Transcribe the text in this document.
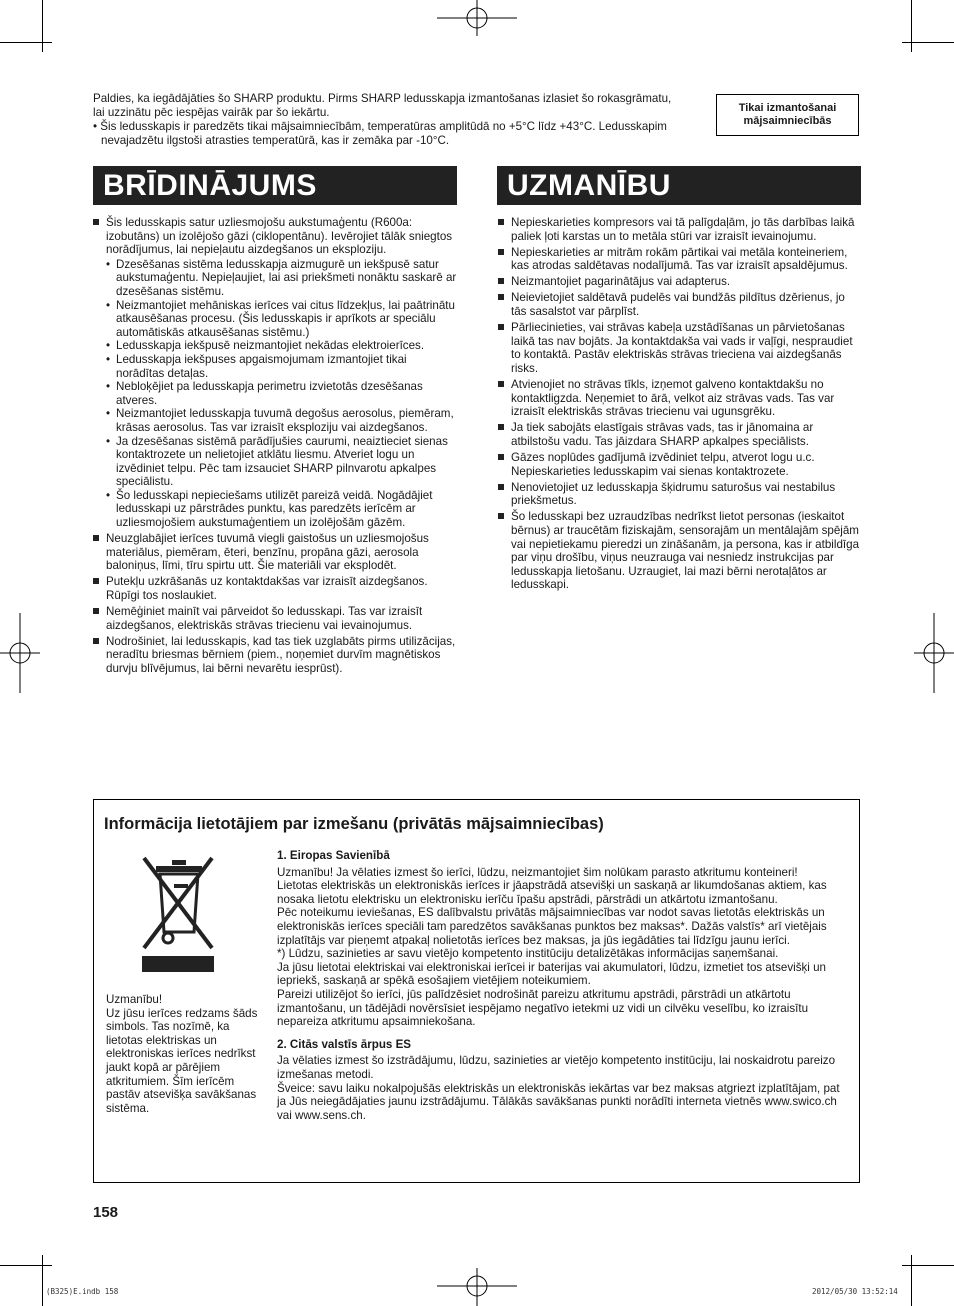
Paldies, ka iegādājāties šo SHARP produktu. Pirms SHARP ledusskapja izmantošanas izlasiet šo rokasgrāmatu, lai uzzinātu pēc iespējas vairāk par šo iekārtu.

• Šis ledusskapis ir paredzēts tikai mājsaimniecībām, temperatūras amplitūdā no +5°C līdz +43°C. Ledusskapim nevajadzētu ilgstoši atrasties temperatūrā, kas ir zemāka par -10°C.

Tikai izmantošanai
mājsaimniecībās
BRĪDINĀJUMS	UZMANĪBU
Šis ledusskapis satur uzliesmojošu aukstumaģentu (R600a: izobutāns) un izolējošo gāzi (ciklopentānu). Ievērojiet tālāk sniegtos norādījumus, lai nepieļautu aizdegšanos un eksploziju.
• Dzesēšanas sistēma ledusskapja aizmugurē un iekšpusē satur aukstumaģentu. Nepieļaujiet, lai asi priekšmeti nonāktu saskarē ar dzesēšanas sistēmu.
• Neizmantojiet mehāniskas ierīces vai citus līdzekļus, lai paātrinātu atkausēšanas procesu. (Šis ledusskapis ir aprīkots ar speciālu automātiskās atkausēšanas sistēmu.)
• Ledusskapja iekšpusē neizmantojiet nekādas elektroierīces.
• Ledusskapja iekšpuses apgaismojumam izmantojiet tikai norādītas detaļas.
• Nebloķējiet pa ledusskapja perimetru izvietotās dzesēšanas atveres.
• Neizmantojiet ledusskapja tuvumā degošus aerosolus, piemēram, krāsas aerosolus. Tas var izraisīt eksploziju vai aizdegšanos.
• Ja dzesēšanas sistēmā parādījušies caurumi, neaiztieciet sienas kontaktrozete un nelietojiet atklātu liesmu. Atveriet logu un izvēdiniet telpu. Pēc tam izsauciet SHARP pilnvarotu apkalpes speciālistu.
• Šo ledusskapi nepieciešams utilizēt pareizā veidā. Nogādājiet ledusskapi uz pārstrādes punktu, kas paredzēts ierīcēm ar uzliesmojošiem aukstumaģentiem un izolējošām gāzēm.
Neuzglabājiet ierīces tuvumā viegli gaistošus un uzliesmojošus materiālus, piemēram, ēteri, benzīnu, propāna gāzi, aerosola baloniņus, līmi, tīru spirtu utt. Šie materiāli var eksplodēt.
Putekļu uzkrāšanās uz kontaktdakšas var izraisīt aizdegšanos. Rūpīgi tos noslaukiet.
Nemēģiniet mainīt vai pārveidot šo ledusskapi. Tas var izraisīt aizdegšanos, elektriskās strāvas triecienu vai ievainojumus.
Nodrošiniet, lai ledusskapis, kad tas tiek uzglabāts pirms utilizācijas, neradītu briesmas bērniem (piem., noņemiet durvīm magnētiskos durvju blīvējumus, lai bērni nevarētu iesprūst).
Nepieskarieties kompresors vai tā palīgdaļām, jo tās darbības laikā paliek ļoti karstas un to metāla stūri var izraisīt ievainojumu.
Nepieskarieties ar mitrām rokām pārtikai vai metāla konteineriem, kas atrodas saldētavas nodalījumā. Tas var izraisīt apsaldējumus.
Neizmantojiet pagarinātājus vai adapterus.
Neievietojiet saldētavā pudelēs vai bundžās pildītus dzērienus, jo tās sasalstot var pārplīst.
Pārliecinieties, vai strāvas kabeļa uzstādīšanas un pārvietošanas laikā tas nav bojāts. Ja kontaktdakša vai vads ir vaļīgi, nespraudiet to kontaktā. Pastāv elektriskās strāvas trieciena vai aizdegšanās risks.
Atvienojiet no strāvas tīkls, izņemot galveno kontaktdakšu no kontaktligzda. Neņemiet to ārā, velkot aiz strāvas vads. Tas var izraisīt elektriskās strāvas triecienu vai ugunsgrēku.
Ja tiek sabojāts elastīgais strāvas vads, tas ir jānomaina ar atbilstošu vadu. Tas jāizdara SHARP apkalpes speciālists.
Gāzes noplūdes gadījumā izvēdiniet telpu, atverot logu u.c. Nepieskarieties ledusskapim vai sienas kontaktrozete.
Nenovietojiet uz ledusskapja šķidrumu saturošus vai nestabilus priekšmetus.
Šo ledusskapi bez uzraudzības nedrīkst lietot personas (ieskaitot bērnus) ar traucētām fiziskajām, sensorajām un mentālajām spējām vai nepietiekamu pieredzi un zināšanām, ja persona, kas ir atbildīga par viņu drošību, viņus neuzrauga vai nesniedz instrukcijas par ledusskapja lietošanu. Uzraugiet, lai mazi bērni nerotaļātos ar ledusskapi.
Informācija lietotājiem par izmešanu (privātās mājsaimniecības)
Uzmanību!
Uz jūsu ierīces redzams šāds simbols. Tas nozīmē, ka lietotas elektriskas un elektroniskas ierīces nedrīkst jaukt kopā ar pārējiem atkritumiem. Šīm ierīcēm pastāv atsevišķa savākšanas sistēma.
1. Eiropas Savienībā
Uzmanību! Ja vēlaties izmest šo ierīci, lūdzu, neizmantojiet šim nolūkam parasto atkritumu konteineri!
Lietotas elektriskās un elektroniskās ierīces ir jāapstrādā atsevišķi un saskaņā ar likumdošanas aktiem, kas nosaka lietotu elektrisku un elektronisku ierīču īpašu apstrādi, pārstrādi un atkārtotu izmantošanu.
Pēc noteikumu ieviešanas, ES dalībvalstu privātās mājsaimniecības var nodot savas lietotās elektriskās un elektroniskās ierīces speciāli tam paredzētos savākšanas punktos bez maksas*. Dažās valstīs* arī vietējais izplatītājs var pieņemt atpakaļ nolietotās ierīces bez maksas, ja jūs iegādāties tai līdzīgu jaunu ierīci.
*) Lūdzu, sazinieties ar savu vietējo kompetento institūciju detalizētākas informācijas saņemšanai.
Ja jūsu lietotai elektriskai vai elektroniskai ierīcei ir baterijas vai akumulatori, lūdzu, izmetiet tos atsevišķi un iepriekš, saskaņā ar spēkā esošajiem vietējiem noteikumiem.
Pareizi utilizējot šo ierīci, jūs palīdzēsiet nodrošināt pareizu atkritumu apstrādi, pārstrādi un atkārtotu izmantošanu, un tādējādi novērsīsiet iespējamo negatīvo ietekmi uz vidi un cilvēku veselību, ko izraisītu nepareiza atkritumu apsaimniekošana.
2. Citās valstīs ārpus ES
Ja vēlaties izmest šo izstrādājumu, lūdzu, sazinieties ar vietējo kompetento institūciju, lai noskaidrotu pareizo izmešanas metodi.
Šveice: savu laiku nokalpojušās elektriskās un elektroniskās iekārtas var bez maksas atgriezt izplatītājam, pat ja Jūs neiegādājaties jaunu izstrādājumu. Tālākās savākšanas punkti norādīti interneta vietnēs www.swico.ch vai www.sens.ch.
158
(B325)E.indb 158	2012/05/30 13:52:14
